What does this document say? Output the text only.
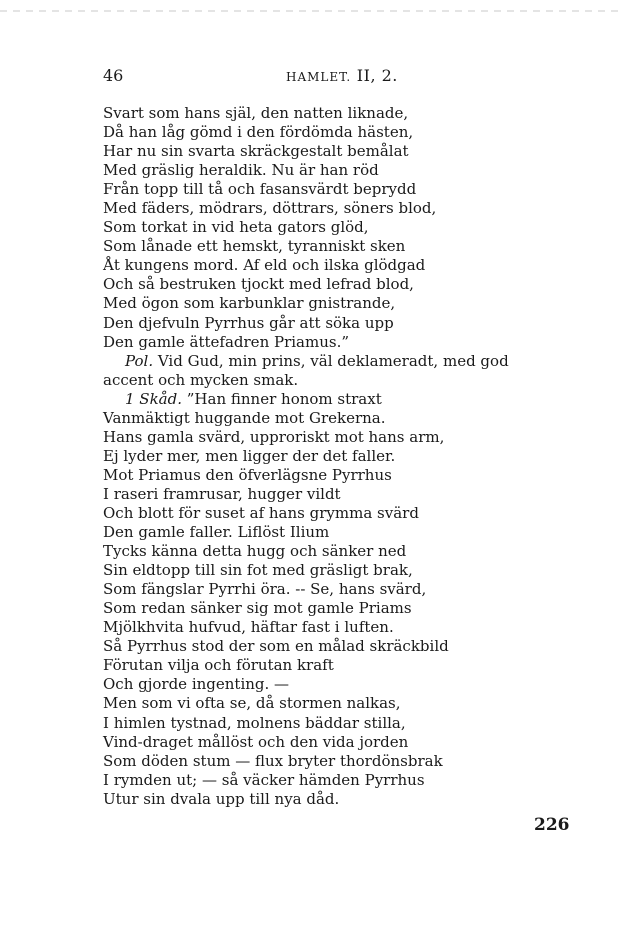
46	HAMLET. II, 2.
Svart som hans själ, den natten liknade,
Då han låg gömd i den fördömda hästen,
Har nu sin svarta skräckgestalt bemålat
Med gräslig heraldik. Nu är han röd
Från topp till tå och fasansvärdt beprydd
Med fäders, mödrars, döttrars, söners blod,
Som torkat in vid heta gators glöd,
Som lånade ett hemskt, tyranniskt sken
Åt kungens mord. Af eld och ilska glödgad
Och så bestruken tjockt med lefrad blod,
Med ögon som karbunklar gnistrande,
Den djefvuln Pyrrhus går att söka upp
Den gamle ättefadren Priamus.”
Pol. Vid Gud, min prins, väl deklameradt, med god
accent och mycken smak.
1 Skåd. ”Han finner honom straxt
Vanmäktigt huggande mot Grekerna.
Hans gamla svärd, upproriskt mot hans arm,
Ej lyder mer, men ligger der det faller.
Mot Priamus den öfverlägsne Pyrrhus
I raseri framrusar, hugger vildt
Och blott för suset af hans grymma svärd
Den gamle faller. Liflöst Ilium
Tycks känna detta hugg och sänker ned
Sin eldtopp till sin fot med gräsligt brak,
Som fängslar Pyrrhi öra. -- Se, hans svärd,
Som redan sänker sig mot gamle Priams
Mjölkhvita hufvud, häftar fast i luften.
Så Pyrrhus stod der som en målad skräckbild
Förutan vilja och förutan kraft
Och gjorde ingenting. —
Men som vi ofta se, då stormen nalkas,
I himlen tystnad, molnens bäddar stilla,
Vind-draget mållöst och den vida jorden
Som döden stum — flux bryter thordönsbrak
I rymden ut; — så väcker hämden Pyrrhus
Utur sin dvala upp till nya dåd.
226
